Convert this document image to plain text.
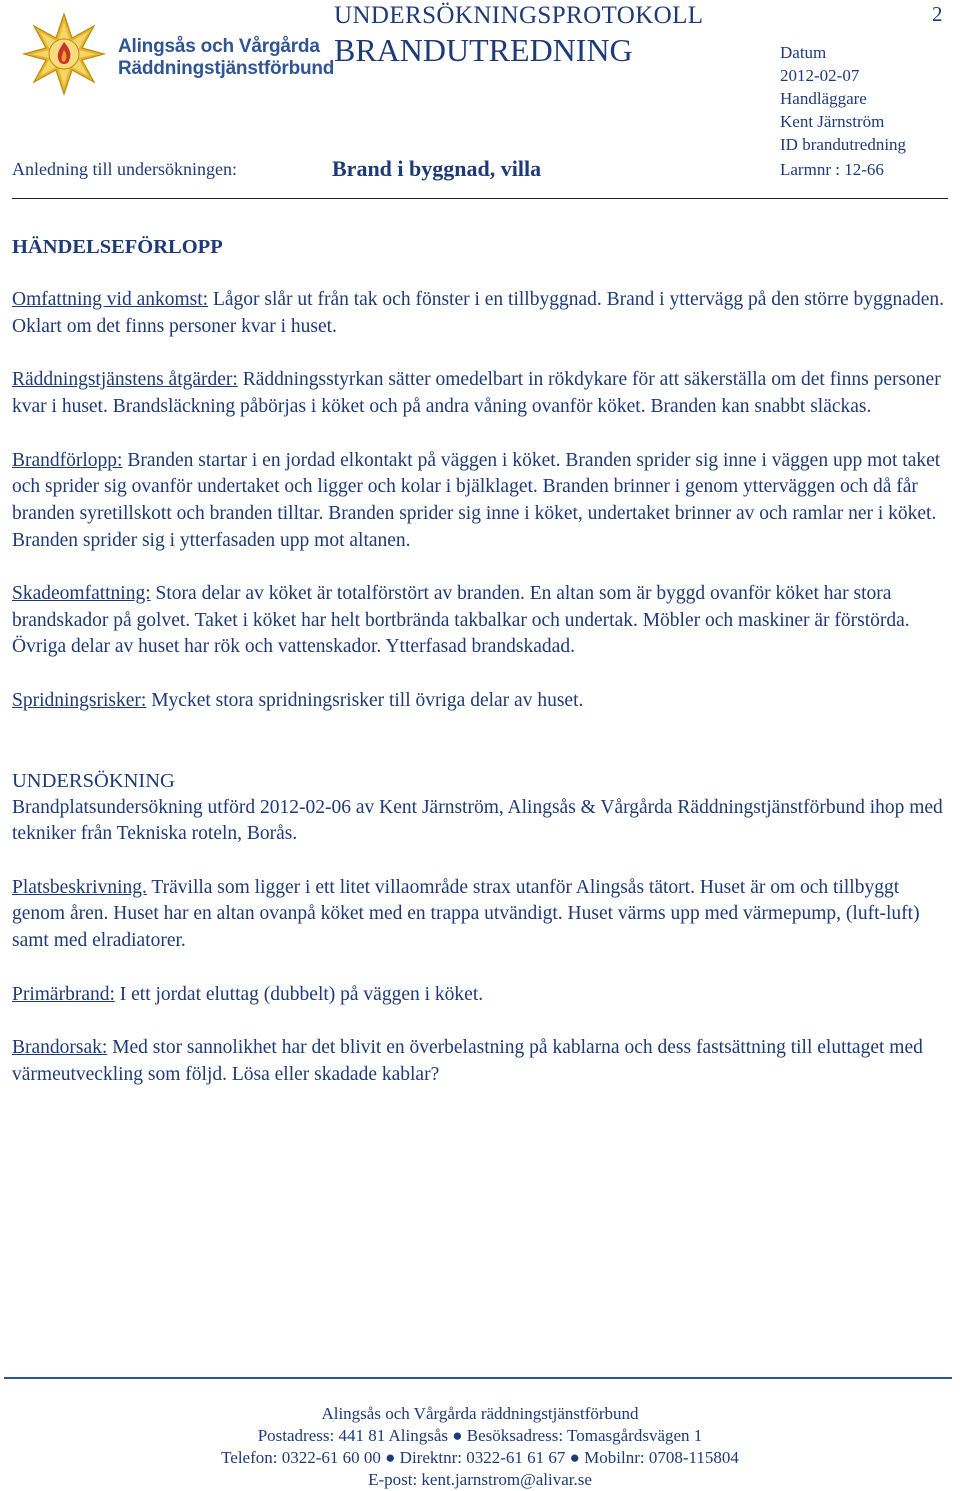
Alingsås och Vårgårda
Räddningstjänstförbund
UNDERSÖKNINGSPROTOKOLL
BRANDUTREDNING
2
Datum
2012-02-07
Handläggare
Kent Järnström
ID brandutredning
Anledning till undersökningen:	Brand i byggnad, villa	Larmnr : 12-66
HÄNDELSEFÖRLOPP

Omfattning vid ankomst: Lågor slår ut från tak och fönster i en tillbyggnad. Brand i yttervägg på den större byggnaden. Oklart om det finns personer kvar i huset.

Räddningstjänstens åtgärder: Räddningsstyrkan sätter omedelbart in rökdykare för att säkerställa om det finns personer kvar i huset. Brandsläckning påbörjas i köket och på andra våning ovanför köket. Branden kan snabbt släckas.

Brandförlopp: Branden startar i en jordad elkontakt på väggen i köket. Branden sprider sig inne i väggen upp mot taket och sprider sig ovanför undertaket och ligger och kolar i bjälklaget. Branden brinner i genom ytterväggen och då får branden syretillskott och branden tilltar. Branden sprider sig inne i köket, undertaket brinner av och ramlar ner i köket. Branden sprider sig i ytterfasaden upp mot altanen.

Skadeomfattning: Stora delar av köket är totalförstört av branden. En altan som är byggd ovanför köket har stora brandskador på golvet. Taket i köket har helt bortbrända takbalkar och undertak. Möbler och maskiner är förstörda. Övriga delar av huset har rök och vattenskador. Ytterfasad brandskadad.

Spridningsrisker: Mycket stora spridningsrisker till övriga delar av huset.

UNDERSÖKNING

Brandplatsundersökning utförd 2012-02-06 av Kent Järnström, Alingsås & Vårgårda Räddningstjänstförbund ihop med tekniker från Tekniska roteln, Borås.

Platsbeskrivning. Trävilla som ligger i ett litet villaområde strax utanför Alingsås tätort. Huset är om och tillbyggt genom åren. Huset har en altan ovanpå köket med en trappa utvändigt. Huset värms upp med värmepump, (luft-luft) samt med elradiatorer.

Primärbrand: I ett jordat eluttag (dubbelt) på väggen i köket.

Brandorsak: Med stor sannolikhet har det blivit en överbelastning på kablarna och dess fastsättning till eluttaget med värmeutveckling som följd. Lösa eller skadade kablar?

Alingsås och Vårgårda räddningstjänstförbund
Postadress: 441 81 Alingsås ● Besöksadress: Tomasgårdsvägen 1
Telefon: 0322-61 60 00 ● Direktnr: 0322-61 61 67 ● Mobilnr: 0708-115804
E-post: kent.jarnstrom@alivar.se
